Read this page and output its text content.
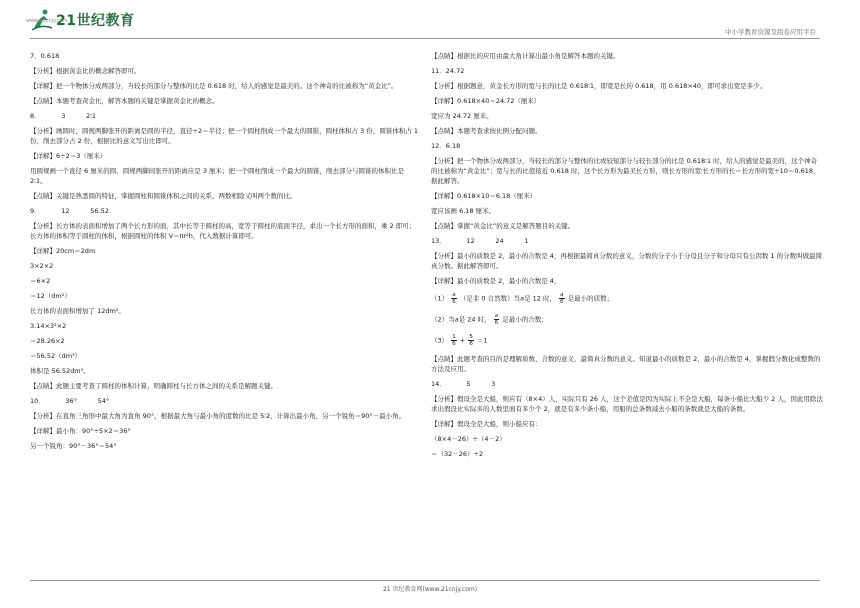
21世纪教育
www.21cnjy.com
中小学教育资源及组卷应用平台

7．0.618

【分析】根据黄金比的概念解答即可。

【详解】把一个物体分成两部分，当较长的部分与整体的比是 0.618 时，给人的感觉是最美的。这个神奇的比被称为“黄金比”。

【点睛】本题考查黄金比，解答本题的关键是掌握黄金比的概念。

8．          3          2∶1

【分析】画圆时，圆规两脚张开的距离是圆的半径，直径÷2＝半径；把一个圆柱削成一个最大的圆锥，圆柱体积占 3 份，圆锥体积占 1 份，削去部分占 2 份，根据比的意义写出比即可。

【详解】6÷2＝3（厘米）

用圆规画一个直径 6 厘米的圆，圆规两脚间张开的距离应是 3 厘米；把一个圆柱削成一个最大的圆锥，削去部分与圆锥的体积比是 2∶1。

【点睛】关键是熟悉圆的特征，掌握圆柱和圆锥体积之间的关系，两数相除又叫两个数的比。

9．          12          56.52

【分析】长方体的表面积增加了两个长方形的面，其中长等于圆柱的高，宽等于圆柱的底面半径，求出一个长方形的面积，乘 2 即可；长方体的体积等于圆柱的体积，根据圆柱的体积 V＝πr²h，代入数据计算即可。

【详解】20cm＝2dm

3×2×2

＝6×2

＝12（dm²）

长方体的表面积增加了 12dm²。

3.14×3²×2

＝28.26×2

＝56.52（dm³）

体积是 56.52dm³。

【点睛】此题主要考查了圆柱的体积计算，明确圆柱与长方体之间的关系是解题关键。

10．          36°          54°

【分析】在直角三角形中最大角为直角 90°，根据最大角与最小角的度数的比是 5∶2，计算出最小角，另一个锐角＝90°－最小角。

【详解】最小角：90°÷5×2＝36°

另一个锐角：90°－36°＝54°

【点睛】根据比的应用由最大角计算出最小角是解答本题的关键。

11．24.72

【分析】根据题意，黄金长方形的宽与长的比是 0.618∶1，即宽是长的 0.618，用 0.618×40，即可求出宽是多少。

【详解】0.618×40＝24.72（厘米）

宽应为 24.72 厘米。

【点睛】本题考查求按比例分配问题。

12．6.18

【分析】把一个物体分成两部分，当较长的部分与整体的比或较短部分与较长部分的比是 0.618∶1 时，给人的感觉是最美的，这个神奇的比被称为“黄金比”；宽与长的比值接近 0.618 时，这个长方形为最美长方形，则长方形的宽∶长方形的长＝长方形的宽÷10＝0.618，据此解答。

【详解】0.618×10＝6.18（厘米）

宽应该画 6.18 厘米。

【点睛】掌握“黄金比”的意义是解答题目的关键。

13．          12          24          1

【分析】最小的质数是 2，最小的合数是 4，再根据最简真分数的意义，分数的分子小于分母且分子和分母只有公因数 1 的分数叫做最简真分数。据此解答即可。

【详解】最小的质数是 2，最小的合数是 4，

$(1) \frac{a}{6}$ （是非 0 自然数）当a是 12 时， $\frac{a}{6}$ 是最小的质数；

（2）当a是 24 时， $\frac{a}{6}$ 是最小的合数；

$(3) \frac{1}{6} + \frac{5}{6} =1$

【点睛】此题考查的目的是理解质数、合数的意义、最简真分数的意义。知道最小的质数是 2，最小的合数是 4，掌握假分数化成整数的方法及应用。

14．          5          3

【分析】假设全是大船，则应有（8×4）人，实际只有 26 人，这个差值是因为实际上不全是大船，每条小船比大船少 2 人，因此用除法求出假设比实际多的人数里面有多少个 2，就是有多少条小船，用船的总条数减去小船的条数就是大船的条数。

【详解】假设全是大船，则小船应有：

（8×4－26）÷（4－2）

＝（32－26）÷2

21 世纪教育网(www.21cnjy.com)
